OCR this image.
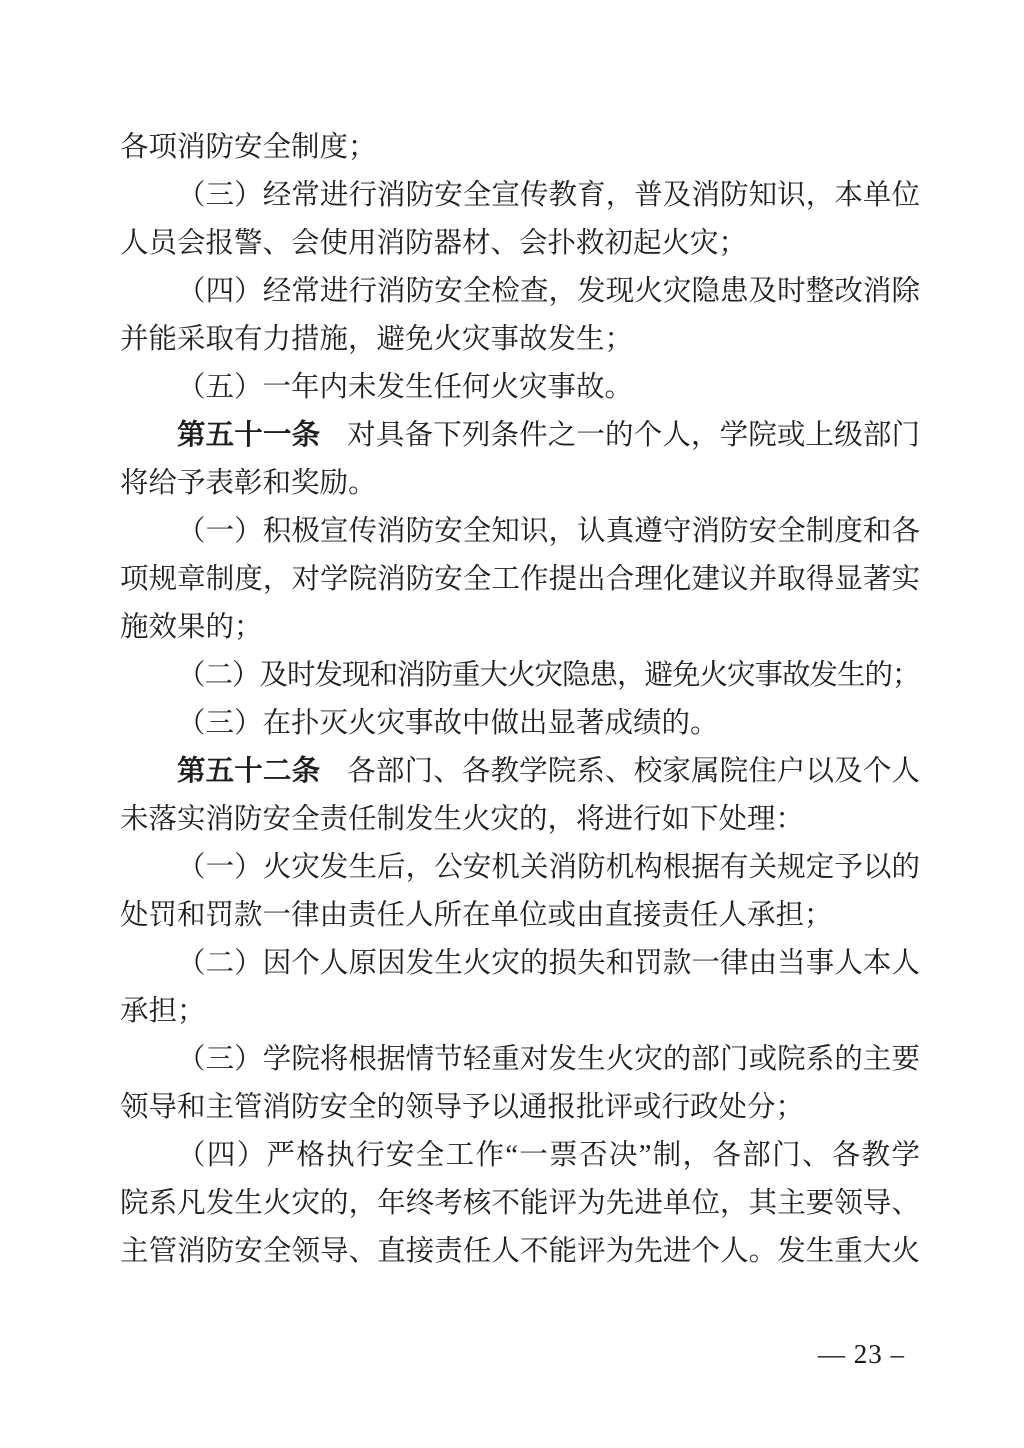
各项消防安全制度；
（三）经常进行消防安全宣传教育，普及消防知识，本单位
人员会报警、会使用消防器材、会扑救初起火灾；
（四）经常进行消防安全检查，发现火灾隐患及时整改消除
并能采取有力措施，避免火灾事故发生；
（五）一年内未发生任何火灾事故。
第五十一条 对具备下列条件之一的个人，学院或上级部门
将给予表彰和奖励。
（一）积极宣传消防安全知识，认真遵守消防安全制度和各
项规章制度，对学院消防安全工作提出合理化建议并取得显著实
施效果的；
（二）及时发现和消防重大火灾隐患，避免火灾事故发生的；
（三）在扑灭火灾事故中做出显著成绩的。
第五十二条 各部门、各教学院系、校家属院住户以及个人
未落实消防安全责任制发生火灾的，将进行如下处理：
（一）火灾发生后，公安机关消防机构根据有关规定予以的
处罚和罚款一律由责任人所在单位或由直接责任人承担；
（二）因个人原因发生火灾的损失和罚款一律由当事人本人
承担；
（三）学院将根据情节轻重对发生火灾的部门或院系的主要
领导和主管消防安全的领导予以通报批评或行政处分；
（四）严格执行安全工作“一票否决”制，各部门、各教学
院系凡发生火灾的，年终考核不能评为先进单位，其主要领导、
主管消防安全领导、直接责任人不能评为先进个人。发生重大火
— 23 –
